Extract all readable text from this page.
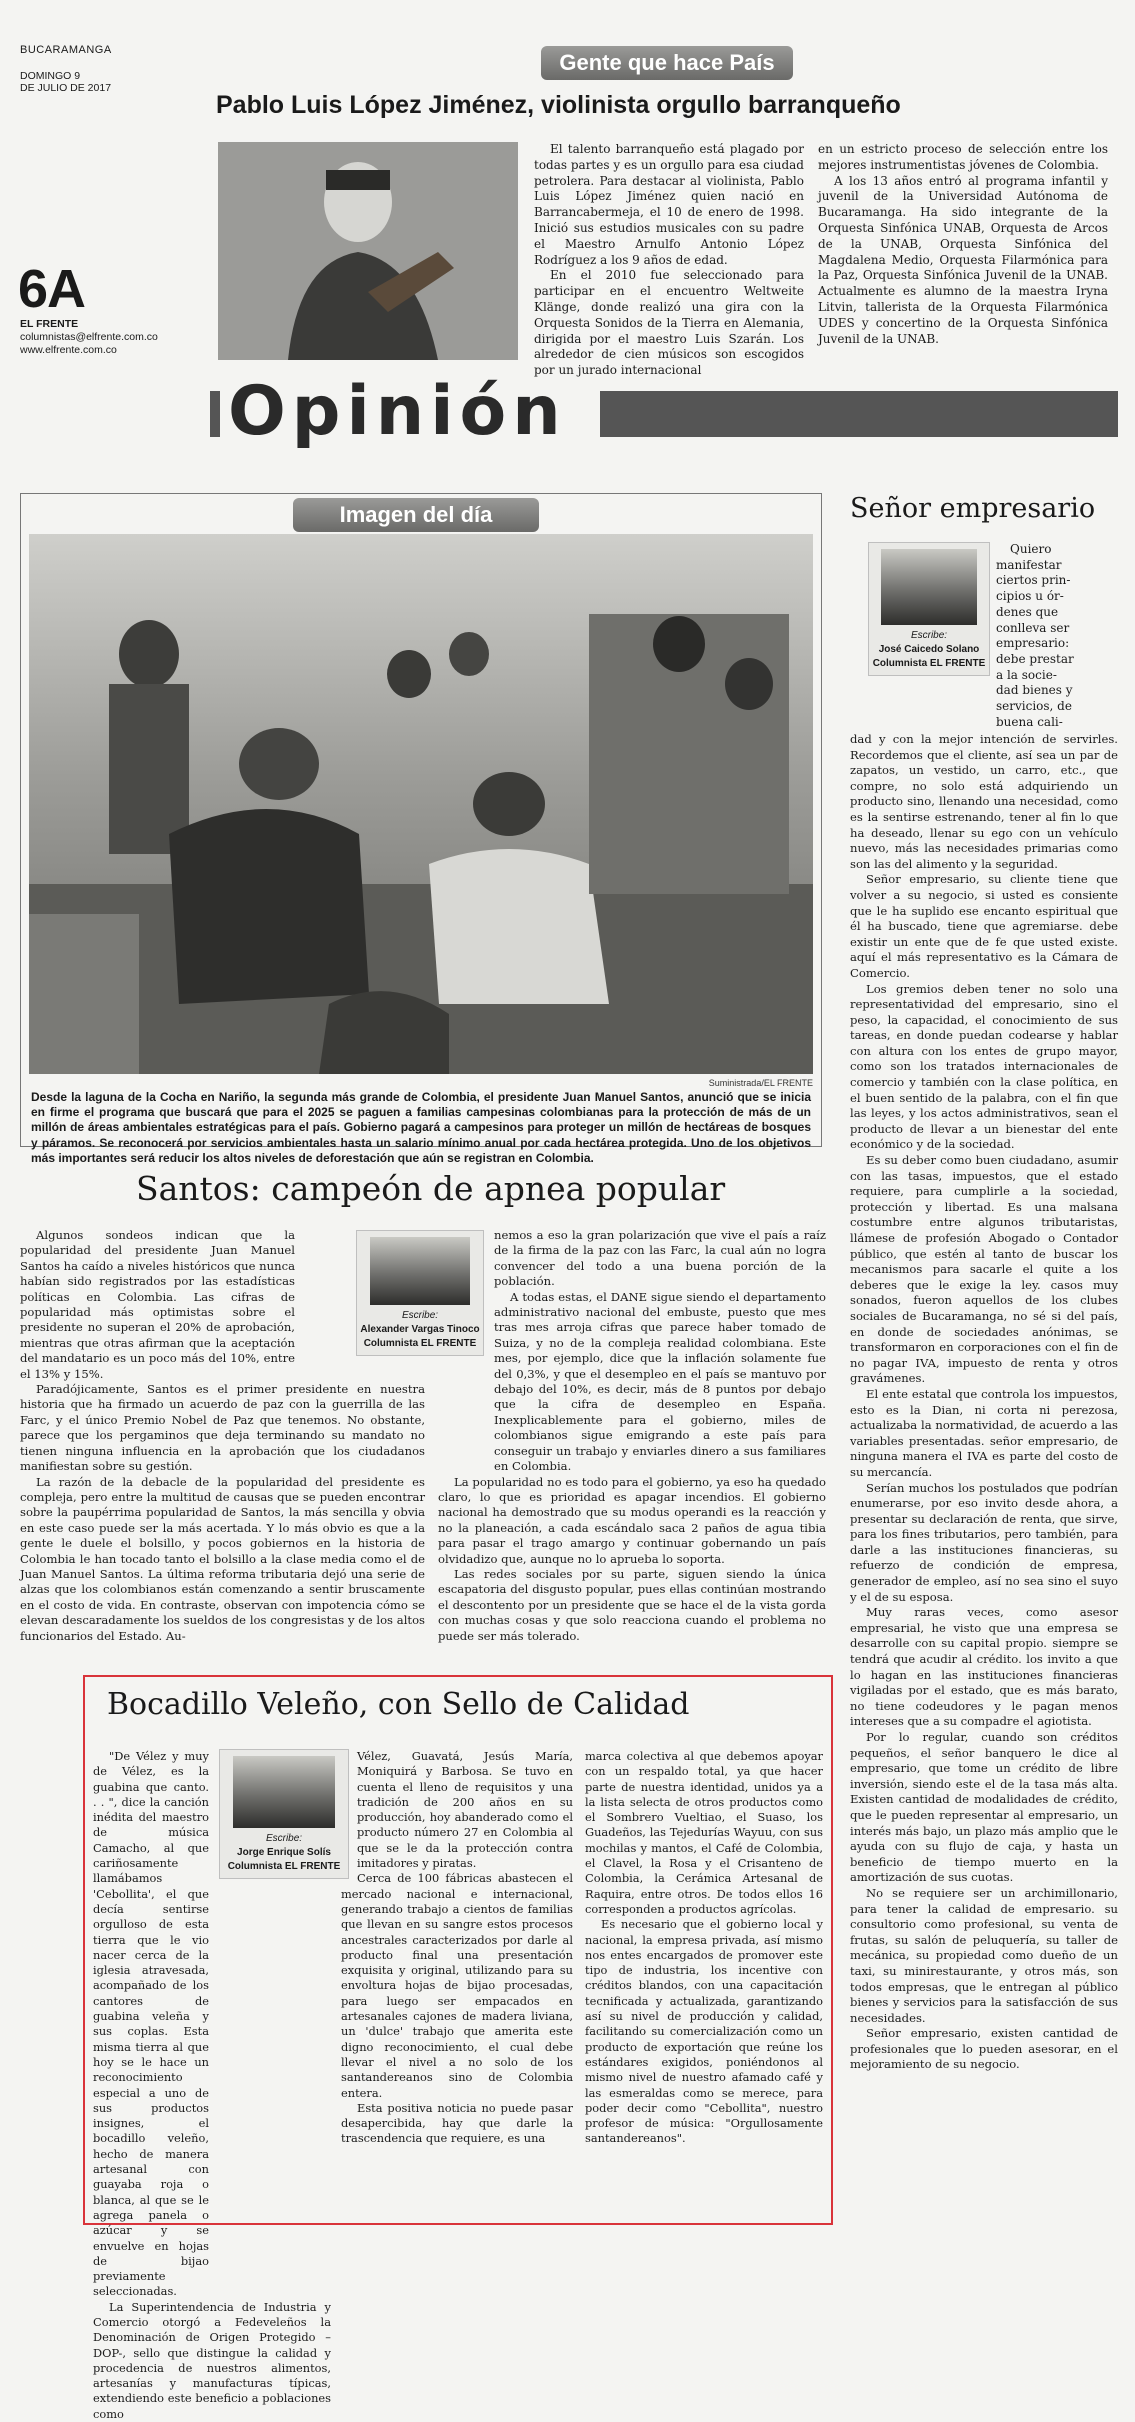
BUCARAMANGA
DOMINGO 9
DE JULIO DE 2017
6A
EL FRENTE
columnistas@elfrente.com.co
www.elfrente.com.co
Gente que hace País
Pablo Luis López Jiménez, violinista orgullo barranqueño

El talento barranqueño está plagado por todas partes y es un orgullo para esa ciudad petrolera. Para destacar al violinista, Pablo Luis López Jiménez quien nació en Barrancabermeja, el 10 de enero de 1998. Inició sus estudios musicales con su padre el Maestro Arnulfo Antonio López Rodríguez a los 9 años de edad.

En el 2010 fue seleccionado para participar en el encuentro Weltweite Klänge, donde realizó una gira con la Orquesta Sonidos de la Tierra en Alemania, dirigida por el maestro Luis Szarán. Los alrededor de cien músicos son escogidos por un jurado internacional

en un estricto proceso de selección entre los mejores instrumentistas jóvenes de Colombia.

A los 13 años entró al programa infantil y juvenil de la Universidad Autónoma de Bucaramanga. Ha sido integrante de la Orquesta Sinfónica UNAB, Orquesta de Arcos de la UNAB, Orquesta Sinfónica del Magdalena Medio, Orquesta Filarmónica para la Paz, Orquesta Sinfónica Juvenil de la UNAB. Actualmente es alumno de la maestra Iryna Litvin, tallerista de la Orquesta Filarmónica UDES y concertino de la Orquesta Sinfónica Juvenil de la UNAB.

Opinión
Imagen del día
Suministrada/EL FRENTE
Desde la laguna de la Cocha en Nariño, la segunda más grande de Colombia, el presidente Juan Manuel Santos, anunció que se inicia en firme el programa que buscará que para el 2025 se paguen a familias campesinas colombianas para la protección de más de un millón de áreas ambientales estratégicas para el país. Gobierno pagará a campesinos para proteger un millón de hectáreas de bosques y páramos. Se reconocerá por servicios ambientales hasta un salario mínimo anual por cada hectárea protegida. Uno de los objetivos más importantes será reducir los altos niveles de deforestación que aún se registran en Colombia.
Señor empresario
Escribe:
José Caicedo Solano
Columnista EL FRENTE
Quiero
manifestar
ciertos prin-
cipios u ór-
denes que
conlleva ser
empresario:
debe prestar
a la socie-
dad bienes y
servicios, de
buena cali-

dad y con la mejor intención de servirles. Recordemos que el cliente, así sea un par de zapatos, un vestido, un carro, etc., que compre, no solo está adquiriendo un producto sino, llenando una necesidad, como es la sentirse estrenando, tener al fin lo que ha deseado, llenar su ego con un vehículo nuevo, más las necesidades primarias como son las del alimento y la seguridad.

Señor empresario, su cliente tiene que volver a su negocio, si usted es consiente que le ha suplido ese encanto espiritual que él ha buscado, tiene que agremiarse. debe existir un ente que de fe que usted existe. aquí el más representativo es la Cámara de Comercio.

Los gremios deben tener no solo una representatividad del empresario, sino el peso, la capacidad, el conocimiento de sus tareas, en donde puedan codearse y hablar con altura con los entes de grupo mayor, como son los tratados internacionales de comercio y también con la clase política, en el buen sentido de la palabra, con el fin que las leyes, y los actos administrativos, sean el producto de llevar a un bienestar del ente económico y de la sociedad.

Es su deber como buen ciudadano, asumir con las tasas, impuestos, que el estado requiere, para cumplirle a la sociedad, protección y libertad. Es una malsana costumbre entre algunos tributaristas, llámese de profesión Abogado o Contador público, que estén al tanto de buscar los mecanismos para sacarle el quite a los deberes que le exige la ley. casos muy sonados, fueron aquellos de los clubes sociales de Bucaramanga, no sé si del país, en donde de sociedades anónimas, se transformaron en corporaciones con el fin de no pagar IVA, impuesto de renta y otros gravámenes.

El ente estatal que controla los impuestos, esto es la Dian, ni corta ni perezosa, actualizaba la normatividad, de acuerdo a las variables presentadas. señor empresario, de ninguna manera el IVA es parte del costo de su mercancía.

Serían muchos los postulados que podrían enumerarse, por eso invito desde ahora, a presentar su declaración de renta, que sirve, para los fines tributarios, pero también, para darle a las instituciones financieras, su refuerzo de condición de empresa, generador de empleo, así no sea sino el suyo y el de su esposa.

Muy raras veces, como asesor empresarial, he visto que una empresa se desarrolle con su capital propio. siempre se tendrá que acudir al crédito. los invito a que lo hagan en las instituciones financieras vigiladas por el estado, que es más barato, no tiene codeudores y le pagan menos intereses que a su compadre el agiotista.

Por lo regular, cuando son créditos pequeños, el señor banquero le dice al empresario, que tome un crédito de libre inversión, siendo este el de la tasa más alta. Existen cantidad de modalidades de crédito, que le pueden representar al empresario, un interés más bajo, un plazo más amplio que le ayuda con su flujo de caja, y hasta un beneficio de tiempo muerto en la amortización de sus cuotas.

No se requiere ser un archimillonario, para tener la calidad de empresario. su consultorio como profesional, su venta de frutas, su salón de peluquería, su taller de mecánica, su propiedad como dueño de un taxi, su minirestaurante, y otros más, son todos empresas, que le entregan al público bienes y servicios para la satisfacción de sus necesidades.

Señor empresario, existen cantidad de profesionales que lo pueden asesorar, en el mejoramiento de su negocio.

Santos: campeón de apnea popular
Escribe:
Alexander Vargas Tinoco
Columnista EL FRENTE

Algunos sondeos indican que la popularidad del presidente Juan Manuel Santos ha caído a niveles históricos que nunca habían sido registrados por las estadísticas políticas en Colombia. Las cifras de popularidad más optimistas sobre el presidente no superan el 20% de aprobación, mientras que otras afirman que la aceptación del mandatario es un poco más del 10%, entre el 13% y 15%.

Paradójicamente, Santos es el primer presidente en nuestra historia que ha firmado un acuerdo de paz con la guerrilla de las Farc, y el único Premio Nobel de Paz que tenemos. No obstante, parece que los pergaminos que deja terminando su mandato no tienen ninguna influencia en la aprobación que los ciudadanos manifiestan sobre su gestión.

La razón de la debacle de la popularidad del presidente es compleja, pero entre la multitud de causas que se pueden encontrar sobre la paupérrima popularidad de Santos, la más sencilla y obvia en este caso puede ser la más acertada. Y lo más obvio es que a la gente le duele el bolsillo, y pocos gobiernos en la historia de Colombia le han tocado tanto el bolsillo a la clase media como el de Juan Manuel Santos. La última reforma tributaria dejó una serie de alzas que los colombianos están comenzando a sentir bruscamente en el costo de vida. En contraste, observan con impotencia cómo se elevan descaradamente los sueldos de los congresistas y de los altos funcionarios del Estado. Au-

nemos a eso la gran polarización que vive el país a raíz de la firma de la paz con las Farc, la cual aún no logra convencer del todo a una buena porción de la población.

A todas estas, el DANE sigue siendo el departamento administrativo nacional del embuste, puesto que mes tras mes arroja cifras que parece haber tomado de Suiza, y no de la compleja realidad colombiana. Este mes, por ejemplo, dice que la inflación solamente fue del 0,3%, y que el desempleo en el país se mantuvo por debajo del 10%, es decir, más de 8 puntos por debajo que la cifra de desempleo en España. Inexplicablemente para el gobierno, miles de colombianos sigue emigrando a este país para conseguir un trabajo y enviarles dinero a sus familiares en Colombia.

La popularidad no es todo para el gobierno, ya eso ha quedado claro, lo que es prioridad es apagar incendios. El gobierno nacional ha demostrado que su modus operandi es la reacción y no la planeación, a cada escándalo saca 2 paños de agua tibia para pasar el trago amargo y continuar gobernando un país olvidadizo que, aunque no lo aprueba lo soporta.

Las redes sociales por su parte, siguen siendo la única escapatoria del disgusto popular, pues ellas continúan mostrando el descontento por un presidente que se hace el de la vista gorda con muchas cosas y que solo reacciona cuando el problema no puede ser más tolerado.

Bocadillo Veleño, con Sello de Calidad
Escribe:
Jorge Enrique Solís
Columnista EL FRENTE

"De Vélez y muy de Vélez, es la guabina que canto. . . ", dice la canción inédita del maestro de música Camacho, al que cariñosamente llamábamos 'Cebollita', el que decía sentirse orgulloso de esta tierra que le vio nacer cerca de la iglesia atravesada, acompañado de los cantores de guabina veleña y sus coplas. Esta misma tierra al que hoy se le hace un reconocimiento especial a uno de sus productos insignes, el bocadillo veleño, hecho de manera artesanal con guayaba roja o blanca, al que se le agrega panela o azúcar y se envuelve en hojas de bijao previamente seleccionadas.

La Superintendencia de Industria y Comercio otorgó a Fedeveleños la Denominación de Origen Protegido –DOP-, sello que distingue la calidad y procedencia de nuestros alimentos, artesanías y manufacturas típicas, extendiendo este beneficio a poblaciones como

Vélez, Guavatá, Jesús María, Moniquirá y Barbosa. Se tuvo en cuenta el lleno de requisitos y una tradición de 200 años en su producción, hoy abanderado como el producto número 27 en Colombia al que se le da la protección contra imitadores y piratas.

Cerca de 100 fábricas abastecen el mercado nacional e internacional, generando trabajo a cientos de familias que llevan en su sangre estos procesos ancestrales caracterizados por darle al producto final una presentación exquisita y original, utilizando para su envoltura hojas de bijao procesadas, para luego ser empacados en artesanales cajones de madera liviana, un 'dulce' trabajo que amerita este digno reconocimiento, el cual debe llevar el nivel a no solo de los santandereanos sino de Colombia entera.

Esta positiva noticia no puede pasar desapercibida, hay que darle la trascendencia que requiere, es una

marca colectiva al que debemos apoyar con un respaldo total, ya que hacer parte de nuestra identidad, unidos ya a la lista selecta de otros productos como el Sombrero Vueltiao, el Suaso, los Guadeños, las Tejedurías Wayuu, con sus mochilas y mantos, el Café de Colombia, el Clavel, la Rosa y el Crisanteno de Colombia, la Cerámica Artesanal de Raquira, entre otros. De todos ellos 16 corresponden a productos agrícolas.

Es necesario que el gobierno local y nacional, la empresa privada, así mismo nos entes encargados de promover este tipo de industria, los incentive con créditos blandos, con una capacitación tecnificada y actualizada, garantizando así su nivel de producción y calidad, facilitando su comercialización como un producto de exportación que reúne los estándares exigidos, poniéndonos al mismo nivel de nuestro afamado café y las esmeraldas como se merece, para poder decir como "Cebollita", nuestro profesor de música: "Orgullosamente santandereanos".
